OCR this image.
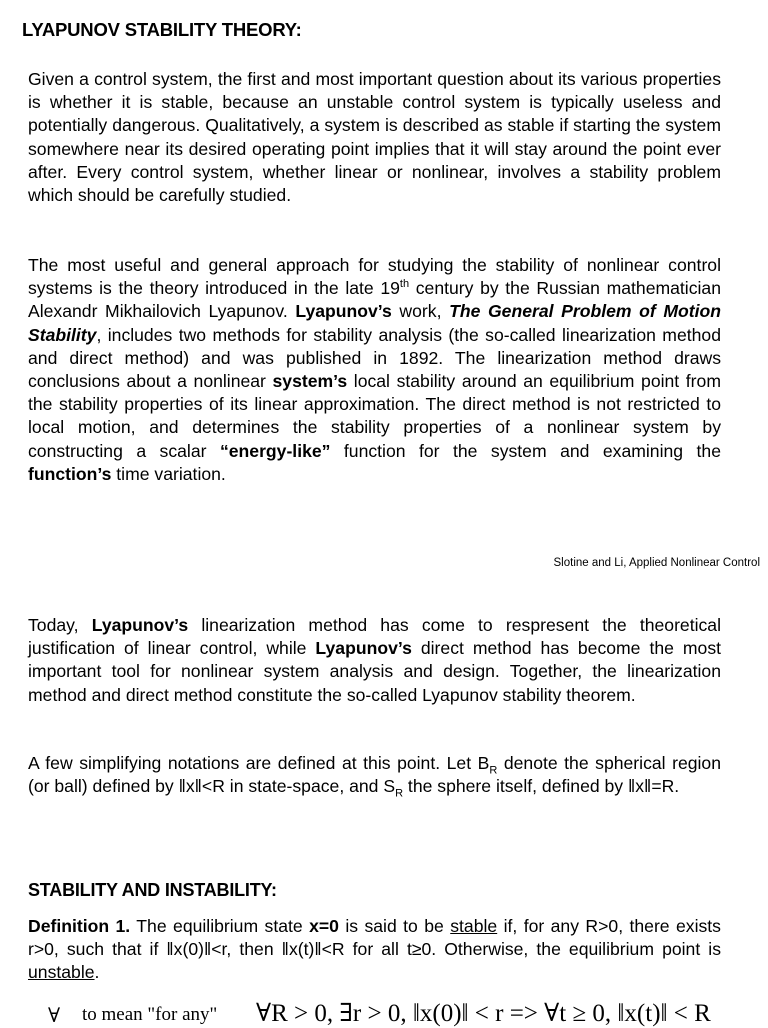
LYAPUNOV STABILITY THEORY:

Given a control system, the first and most important question about its various properties is whether it is stable, because an unstable control system is typically useless and potentially dangerous. Qualitatively, a system is described as stable if starting the system somewhere near its desired operating point implies that it will stay around the point ever after. Every control system, whether linear or nonlinear, involves a stability problem which should be carefully studied.

The most useful and general approach for studying the stability of nonlinear control systems is the theory introduced in the late 19th century by the Russian mathematician Alexandr Mikhailovich Lyapunov. Lyapunov’s work, The General Problem of Motion Stability, includes two methods for stability analysis (the so-called linearization method and direct method) and was published in 1892. The linearization method draws conclusions about a nonlinear system’s local stability around an equilibrium point from the stability properties of its linear approximation. The direct method is not restricted to local motion, and determines the stability properties of a nonlinear system by constructing a scalar “energy-like” function for the system and examining the function’s time variation.

Slotine and Li, Applied Nonlinear Control

Today, Lyapunov’s linearization method has come to respresent the theoretical justification of linear control, while Lyapunov’s direct method has become the most important tool for nonlinear system analysis and design. Together, the linearization method and direct method constitute the so-called Lyapunov stability theorem.

A few simplifying notations are defined at this point. Let $B_R$ denote the spherical region (or ball) defined by ‖x‖<R in state-space, and $S_R$ the sphere itself, defined by ‖x‖=R.

STABILITY AND INSTABILITY:

Definition 1. The equilibrium state x=0 is said to be stable if, for any R>0, there exists r>0, such that if ‖x(0)‖<r, then ‖x(t)‖<R for all t≥0. Otherwise, the equilibrium point is unstable.

∀ to mean "for any" ∀R > 0, ∃r > 0, ‖x(0)‖ < r => ∀t ≥ 0, ‖x(t)‖ < R
